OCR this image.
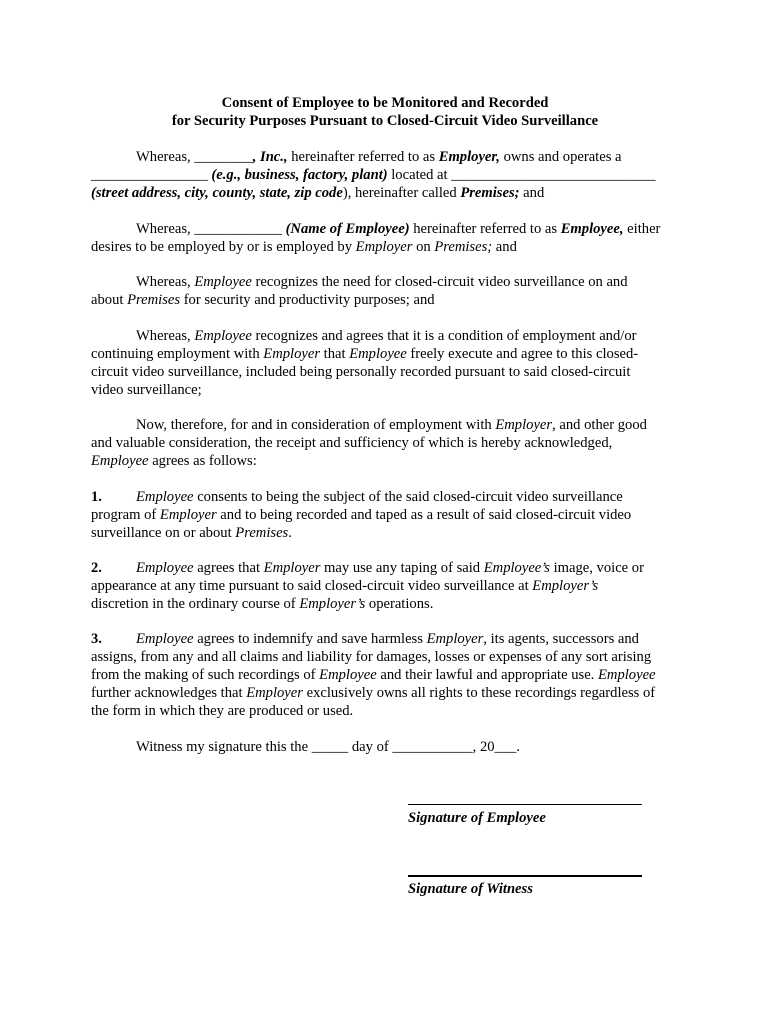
Consent of Employee to be Monitored and Recorded
for Security Purposes Pursuant to Closed-Circuit Video Surveillance
Whereas, ________, Inc., hereinafter referred to as Employer, owns and operates a
________________ (e.g., business, factory, plant) located at ____________________________
(street address, city, county, state, zip code), hereinafter called Premises; and
Whereas, ____________ (Name of Employee) hereinafter referred to as Employee, either
desires to be employed by or is employed by Employer on Premises; and
Whereas, Employee recognizes the need for closed-circuit video surveillance on and
about Premises for security and productivity purposes; and
Whereas, Employee recognizes and agrees that it is a condition of employment and/or
continuing employment with Employer that Employee freely execute and agree to this closed-
circuit video surveillance, included being personally recorded pursuant to said closed-circuit
video surveillance;
Now, therefore, for and in consideration of employment with Employer, and other good
and valuable consideration, the receipt and sufficiency of which is hereby acknowledged,
Employee agrees as follows:
1. Employee consents to being the subject of the said closed-circuit video surveillance
program of Employer and to being recorded and taped as a result of said closed-circuit video
surveillance on or about Premises.
2. Employee agrees that Employer may use any taping of said Employee’s image, voice or
appearance at any time pursuant to said closed-circuit video surveillance at Employer’s
discretion in the ordinary course of Employer’s operations.
3. Employee agrees to indemnify and save harmless Employer, its agents, successors and
assigns, from any and all claims and liability for damages, losses or expenses of any sort arising
from the making of such recordings of Employee and their lawful and appropriate use. Employee
further acknowledges that Employer exclusively owns all rights to these recordings regardless of
the form in which they are produced or used.
Witness my signature this the _____ day of ___________, 20___.
Signature of Employee
Signature of Witness
